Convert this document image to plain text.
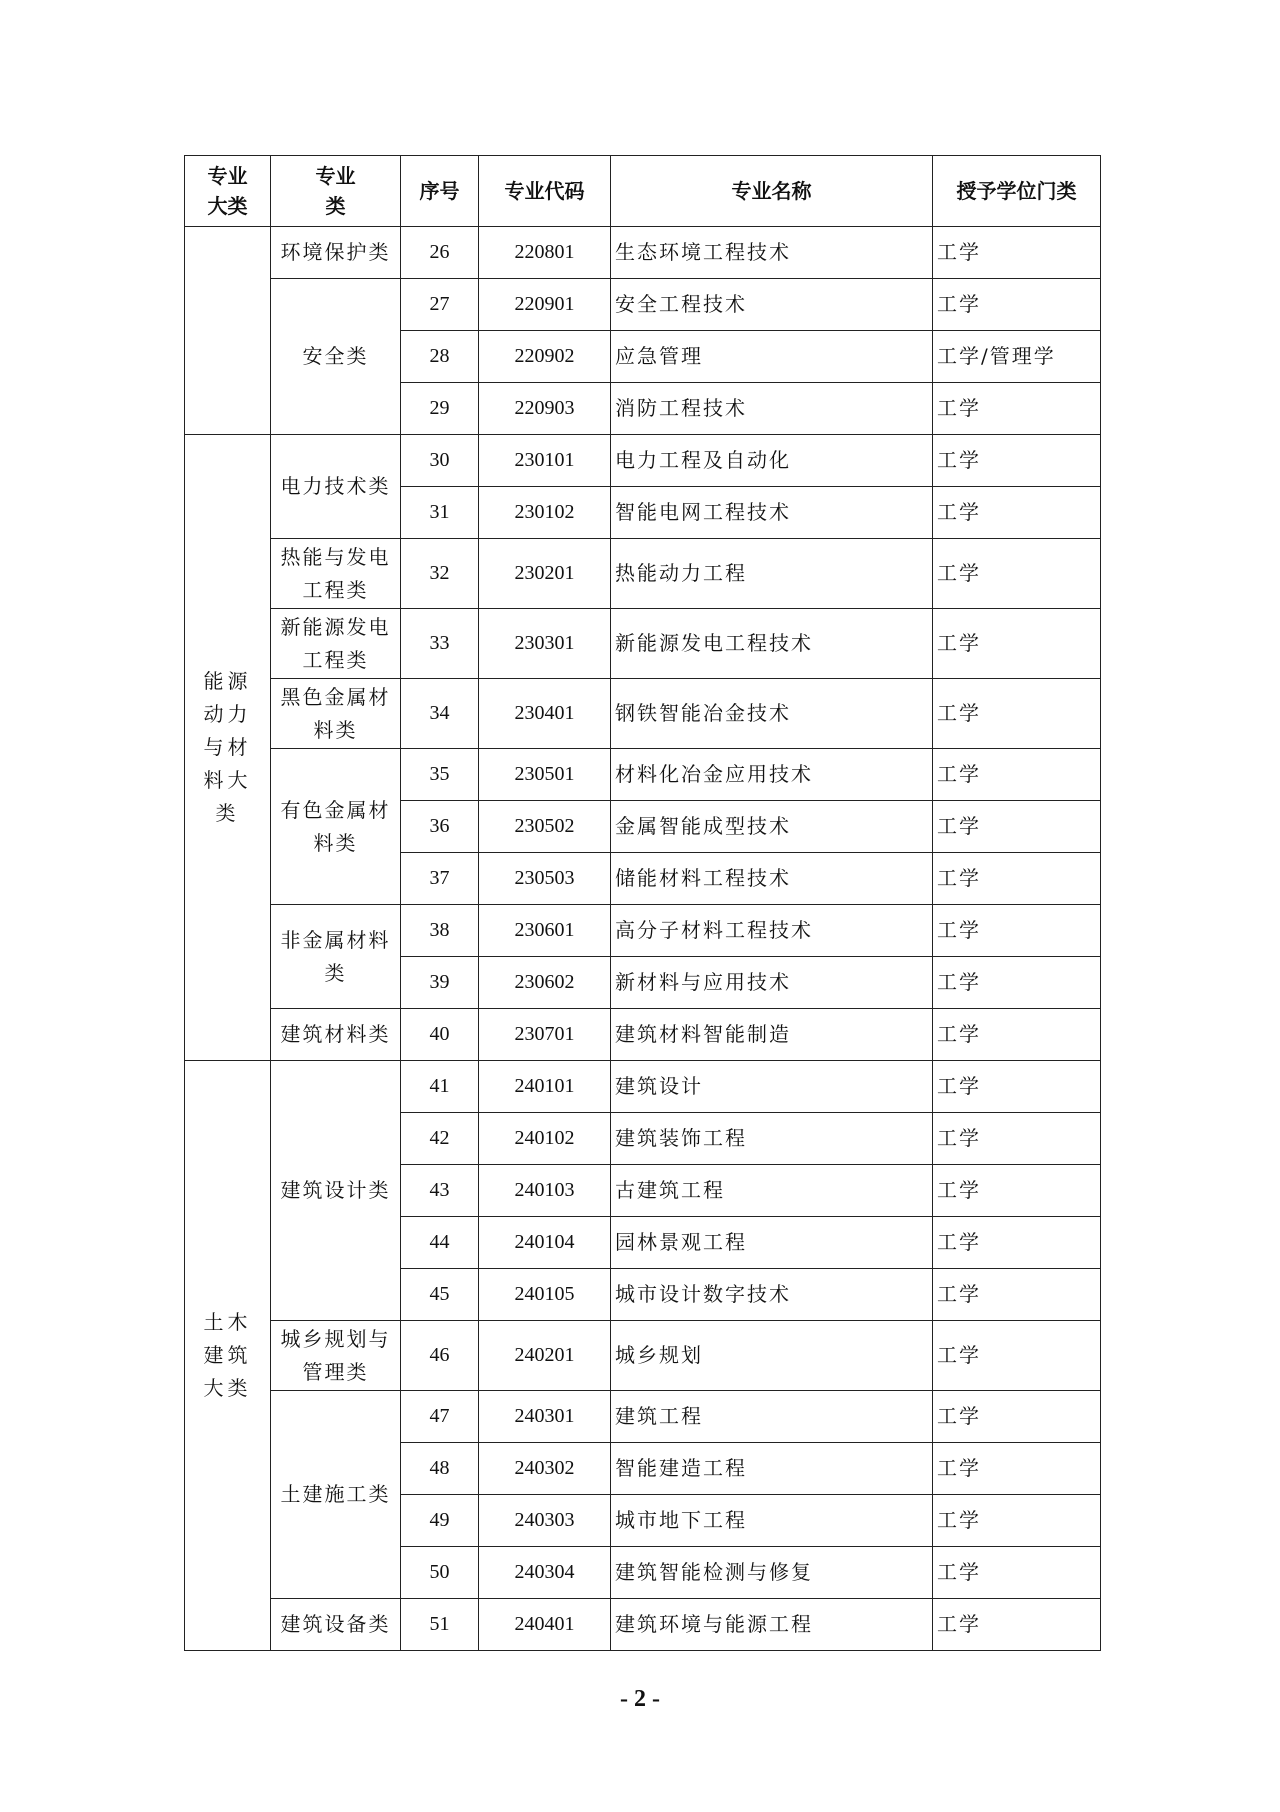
专业大类	专业类	序号	专业代码	专业名称	授予学位门类
	环境保护类	26	220801	生态环境工程技术	工学
	安全类	27	220901	安全工程技术	工学
		28	220902	应急管理	工学/管理学
		29	220903	消防工程技术	工学
能源动力与材料大类	电力技术类	30	230101	电力工程及自动化	工学
		31	230102	智能电网工程技术	工学
	热能与发电工程类	32	230201	热能动力工程	工学
	新能源发电工程类	33	230301	新能源发电工程技术	工学
	黑色金属材料类	34	230401	钢铁智能冶金技术	工学
	有色金属材料类	35	230501	材料化冶金应用技术	工学
		36	230502	金属智能成型技术	工学
		37	230503	储能材料工程技术	工学
	非金属材料类	38	230601	高分子材料工程技术	工学
		39	230602	新材料与应用技术	工学
	建筑材料类	40	230701	建筑材料智能制造	工学
土木建筑大类	建筑设计类	41	240101	建筑设计	工学
		42	240102	建筑装饰工程	工学
		43	240103	古建筑工程	工学
		44	240104	园林景观工程	工学
		45	240105	城市设计数字技术	工学
	城乡规划与管理类	46	240201	城乡规划	工学
	土建施工类	47	240301	建筑工程	工学
		48	240302	智能建造工程	工学
		49	240303	城市地下工程	工学
		50	240304	建筑智能检测与修复	工学
	建筑设备类	51	240401	建筑环境与能源工程	工学
- 2 -
